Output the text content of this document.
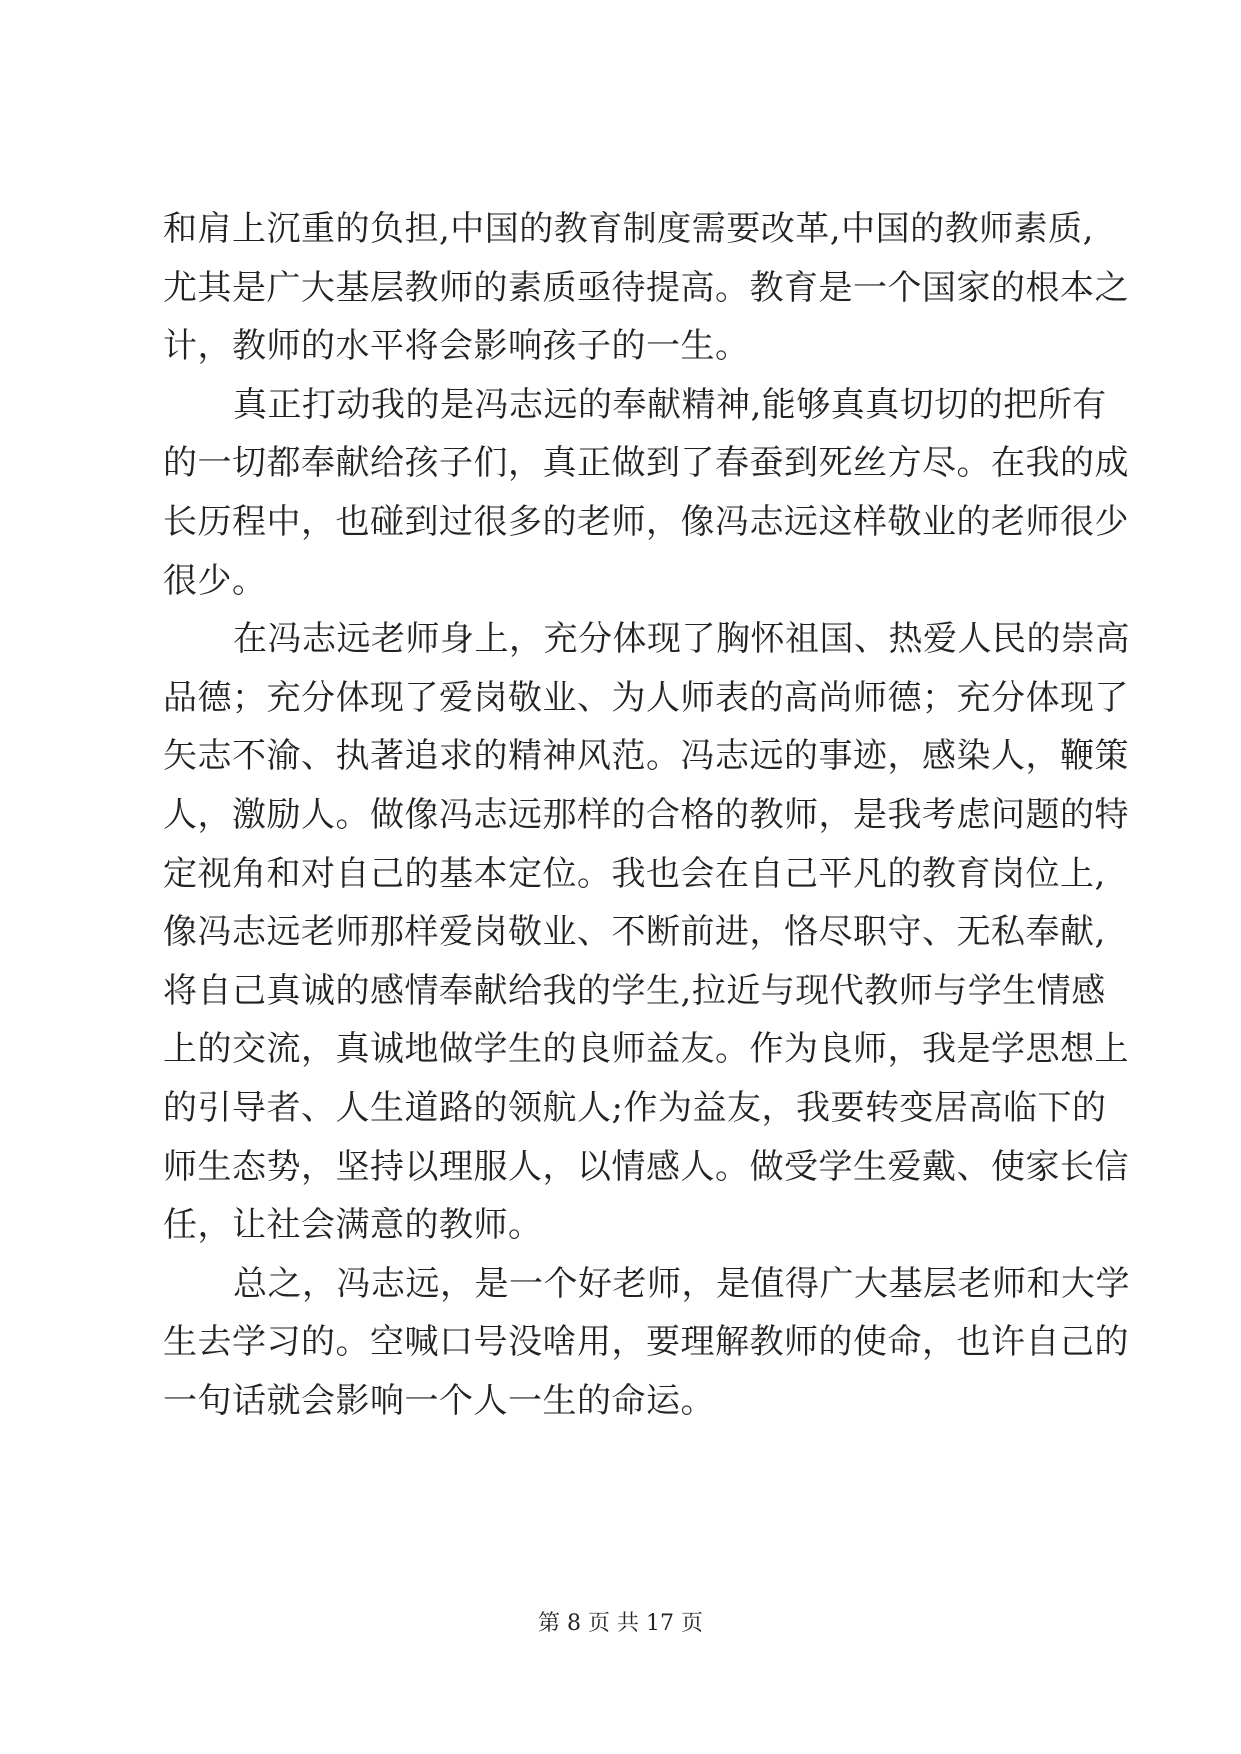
和肩上沉重的负担,中国的教育制度需要改革,中国的教师素质,
尤其是广大基层教师的素质亟待提高。教育是一个国家的根本之
计，教师的水平将会影响孩子的一生。
真正打动我的是冯志远的奉献精神,能够真真切切的把所有
的一切都奉献给孩子们，真正做到了春蚕到死丝方尽。在我的成
长历程中，也碰到过很多的老师，像冯志远这样敬业的老师很少
很少。
在冯志远老师身上，充分体现了胸怀祖国、热爱人民的崇高
品德；充分体现了爱岗敬业、为人师表的高尚师德；充分体现了
矢志不渝、执著追求的精神风范。冯志远的事迹，感染人，鞭策
人，激励人。做像冯志远那样的合格的教师，是我考虑问题的特
定视角和对自己的基本定位。我也会在自己平凡的教育岗位上,
像冯志远老师那样爱岗敬业、不断前进，恪尽职守、无私奉献,
将自己真诚的感情奉献给我的学生,拉近与现代教师与学生情感
上的交流，真诚地做学生的良师益友。作为良师，我是学思想上
的引导者、人生道路的领航人;作为益友，我要转变居高临下的
师生态势，坚持以理服人，以情感人。做受学生爱戴、使家长信
任，让社会满意的教师。
总之，冯志远，是一个好老师，是值得广大基层老师和大学
生去学习的。空喊口号没啥用，要理解教师的使命，也许自己的
一句话就会影响一个人一生的命运。
第 8 页 共 17 页
